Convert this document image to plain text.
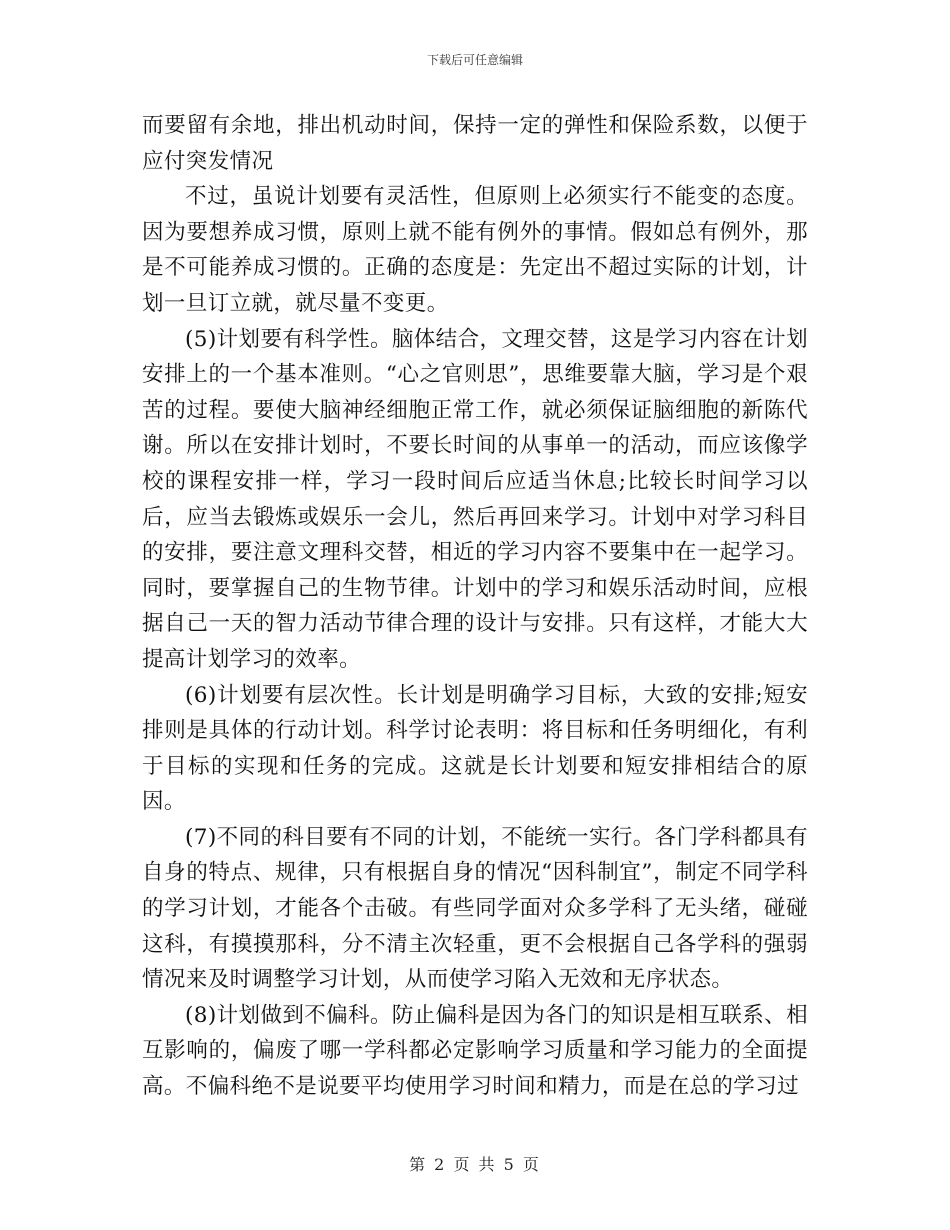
下载后可任意编辑

而要留有余地，排出机动时间，保持一定的弹性和保险系数，以便于应付突发情况

不过，虽说计划要有灵活性，但原则上必须实行不能变的态度。因为要想养成习惯，原则上就不能有例外的事情。假如总有例外，那是不可能养成习惯的。正确的态度是：先定出不超过实际的计划，计划一旦订立就，就尽量不变更。

(5)计划要有科学性。脑体结合，文理交替，这是学习内容在计划安排上的一个基本准则。“心之官则思”，思维要靠大脑，学习是个艰苦的过程。要使大脑神经细胞正常工作，就必须保证脑细胞的新陈代谢。所以在安排计划时，不要长时间的从事单一的活动，而应该像学校的课程安排一样，学习一段时间后应适当休息;比较长时间学习以后，应当去锻炼或娱乐一会儿，然后再回来学习。计划中对学习科目的安排，要注意文理科交替，相近的学习内容不要集中在一起学习。同时，要掌握自己的生物节律。计划中的学习和娱乐活动时间，应根据自己一天的智力活动节律合理的设计与安排。只有这样，才能大大提高计划学习的效率。

(6)计划要有层次性。长计划是明确学习目标，大致的安排;短安排则是具体的行动计划。科学讨论表明：将目标和任务明细化，有利于目标的实现和任务的完成。这就是长计划要和短安排相结合的原因。

(7)不同的科目要有不同的计划，不能统一实行。各门学科都具有自身的特点、规律，只有根据自身的情况“因科制宜”，制定不同学科的学习计划，才能各个击破。有些同学面对众多学科了无头绪，碰碰这科，有摸摸那科，分不清主次轻重，更不会根据自己各学科的强弱情况来及时调整学习计划，从而使学习陷入无效和无序状态。

(8)计划做到不偏科。防止偏科是因为各门的知识是相互联系、相互影响的，偏废了哪一学科都必定影响学习质量和学习能力的全面提高。不偏科绝不是说要平均使用学习时间和精力，而是在总的学习过

第 2 页 共 5 页
